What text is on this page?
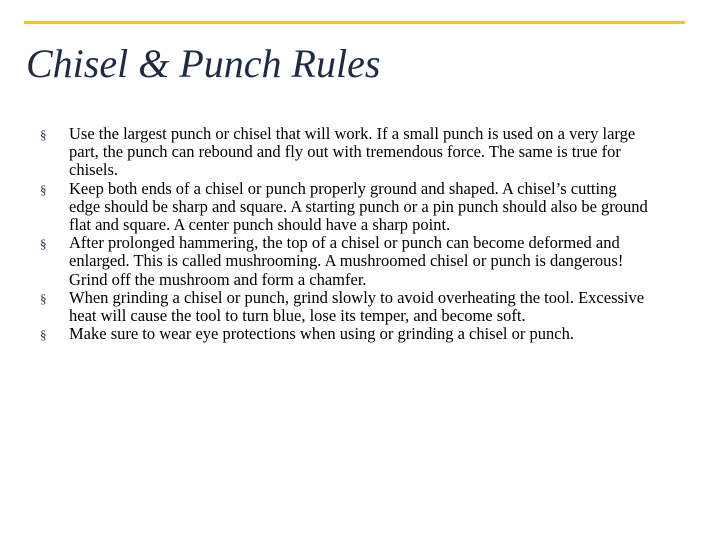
Chisel & Punch Rules
§ Use the largest punch or chisel that will work. If a small punch is used on a very large part, the punch can rebound and fly out with tremendous force. The same is true for chisels.
§ Keep both ends of a chisel or punch properly ground and shaped. A chisel’s cutting edge should be sharp and square. A starting punch or a pin punch should also be ground flat and square. A center punch should have a sharp point.
§ After prolonged hammering, the top of a chisel or punch can become deformed and enlarged. This is called mushrooming. A mushroomed chisel or punch is dangerous! Grind off the mushroom and form a chamfer.
§ When grinding a chisel or punch, grind slowly to avoid overheating the tool. Excessive heat will cause the tool to turn blue, lose its temper, and become soft.
§ Make sure to wear eye protections when using or grinding a chisel or punch.
